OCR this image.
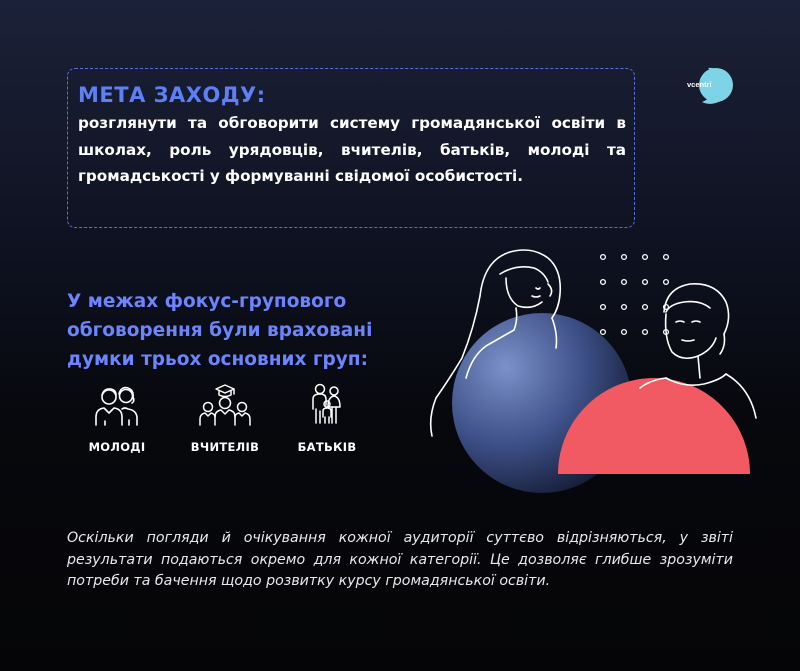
МЕТА ЗАХОДУ:
розглянути та обговорити систему громадянської освіти в школах, роль урядовців, вчителів, батьків, молоді та громадськості у формуванні свідомої особистості.
vcentri
У межах фокус-групового обговорення були враховані думки трьох основних груп:
МОЛОДІ	ВЧИТЕЛІВ	БАТЬКІВ
Оскільки погляди й очікування кожної аудиторії суттєво відрізняються, у звіті результати подаються окремо для кожної категорії. Це дозволяє глибше зрозуміти потреби та бачення щодо розвитку курсу громадянської освіти.
